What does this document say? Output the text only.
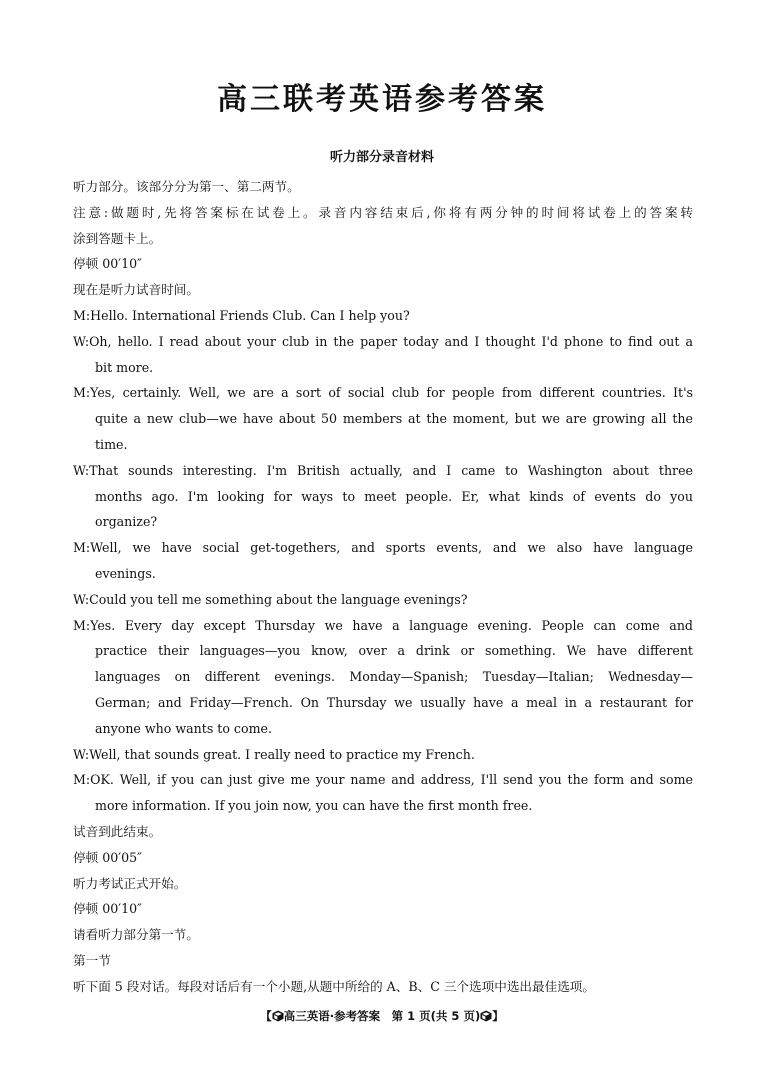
高三联考英语参考答案
听力部分录音材料
听力部分。该部分分为第一、第二两节。
注意:做题时,先将答案标在试卷上。录音内容结束后,你将有两分钟的时间将试卷上的答案转
涂到答题卡上。
停顿 00′10″
现在是听力试音时间。
M:Hello. International Friends Club. Can I help you?
W:Oh, hello. I read about your club in the paper today and I thought I'd phone to find out a
bit more.
M:Yes, certainly. Well, we are a sort of social club for people from different countries. It's
quite a new club—we have about 50 members at the moment, but we are growing all the
time.
W:That sounds interesting. I'm British actually, and I came to Washington about three
months ago. I'm looking for ways to meet people. Er, what kinds of events do you
organize?
M:Well, we have social get-togethers, and sports events, and we also have language
evenings.
W:Could you tell me something about the language evenings?
M:Yes. Every day except Thursday we have a language evening. People can come and
practice their languages—you know, over a drink or something. We have different
languages on different evenings. Monday—Spanish; Tuesday—Italian; Wednesday—
German; and Friday—French. On Thursday we usually have a meal in a restaurant for
anyone who wants to come.
W:Well, that sounds great. I really need to practice my French.
M:OK. Well, if you can just give me your name and address, I'll send you the form and some
more information. If you join now, you can have the first month free.
试音到此结束。
停顿 00′05″
听力考试正式开始。
停顿 00′10″
请看听力部分第一节。
第一节
听下面 5 段对话。每段对话后有一个小题,从题中所给的 A、B、C 三个选项中选出最佳选项。
【 高三英语·参考答案　第 1 页(共 5 页) 】
